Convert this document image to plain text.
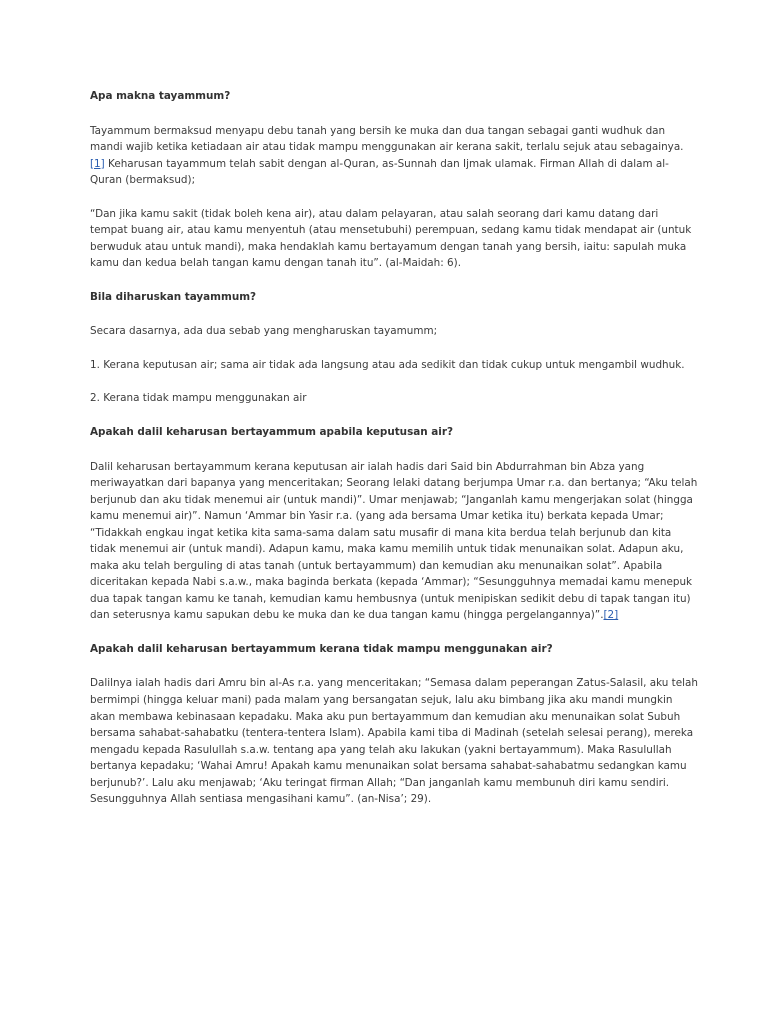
Apa makna tayammum?

Tayammum bermaksud menyapu debu tanah yang bersih ke muka dan dua tangan sebagai ganti wudhuk dan mandi wajib ketika ketiadaan air atau tidak mampu menggunakan air kerana sakit, terlalu sejuk atau sebagainya.[1] Keharusan tayammum telah sabit dengan al-Quran, as-Sunnah dan Ijmak ulamak. Firman Allah di dalam al-Quran (bermaksud);

“Dan jika kamu sakit (tidak boleh kena air), atau dalam pelayaran, atau salah seorang dari kamu datang dari tempat buang air, atau kamu menyentuh (atau mensetubuhi) perempuan, sedang kamu tidak mendapat air (untuk berwuduk atau untuk mandi), maka hendaklah kamu bertayamum dengan tanah yang bersih, iaitu: sapulah muka kamu dan kedua belah tangan kamu dengan tanah itu”. (al-Maidah: 6).

Bila diharuskan tayammum?

Secara dasarnya, ada dua sebab yang mengharuskan tayamumm;

1. Kerana keputusan air; sama air tidak ada langsung atau ada sedikit dan tidak cukup untuk mengambil wudhuk.

2. Kerana tidak mampu menggunakan air

Apakah dalil keharusan bertayammum apabila keputusan air?

Dalil keharusan bertayammum kerana keputusan air ialah hadis dari Said bin Abdurrahman bin Abza yang meriwayatkan dari bapanya yang menceritakan; Seorang lelaki datang berjumpa Umar r.a. dan bertanya; “Aku telah berjunub dan aku tidak menemui air (untuk mandi)”. Umar menjawab; “Janganlah kamu mengerjakan solat (hingga kamu menemui air)”. Namun ‘Ammar bin Yasir r.a. (yang ada bersama Umar ketika itu) berkata kepada Umar; “Tidakkah engkau ingat ketika kita sama-sama dalam satu musafir di mana kita berdua telah berjunub dan kita tidak menemui air (untuk mandi). Adapun kamu, maka kamu memilih untuk tidak menunaikan solat. Adapun aku, maka aku telah berguling di atas tanah (untuk bertayammum) dan kemudian aku menunaikan solat”. Apabila diceritakan kepada Nabi s.a.w., maka baginda berkata (kepada ‘Ammar); “Sesungguhnya memadai kamu menepuk dua tapak tangan kamu ke tanah, kemudian kamu hembusnya (untuk menipiskan sedikit debu di tapak tangan itu) dan seterusnya kamu sapukan debu ke muka dan ke dua tangan kamu (hingga pergelangannya)”.[2]

Apakah dalil keharusan bertayammum kerana tidak mampu menggunakan air?

Dalilnya ialah hadis dari Amru bin al-As r.a. yang menceritakan; “Semasa dalam peperangan Zatus-Salasil, aku telah bermimpi (hingga keluar mani) pada malam yang bersangatan sejuk, lalu aku bimbang jika aku mandi mungkin akan membawa kebinasaan kepadaku. Maka aku pun bertayammum dan kemudian aku menunaikan solat Subuh bersama sahabat-sahabatku (tentera-tentera Islam). Apabila kami tiba di Madinah (setelah selesai perang), mereka mengadu kepada Rasulullah s.a.w. tentang apa yang telah aku lakukan (yakni bertayammum). Maka Rasulullah bertanya kepadaku; ‘Wahai Amru! Apakah kamu menunaikan solat bersama sahabat-sahabatmu sedangkan kamu berjunub?’. Lalu aku menjawab; ‘Aku teringat firman Allah; “Dan janganlah kamu membunuh diri kamu sendiri. Sesungguhnya Allah sentiasa mengasihani kamu”. (an-Nisa’; 29).
